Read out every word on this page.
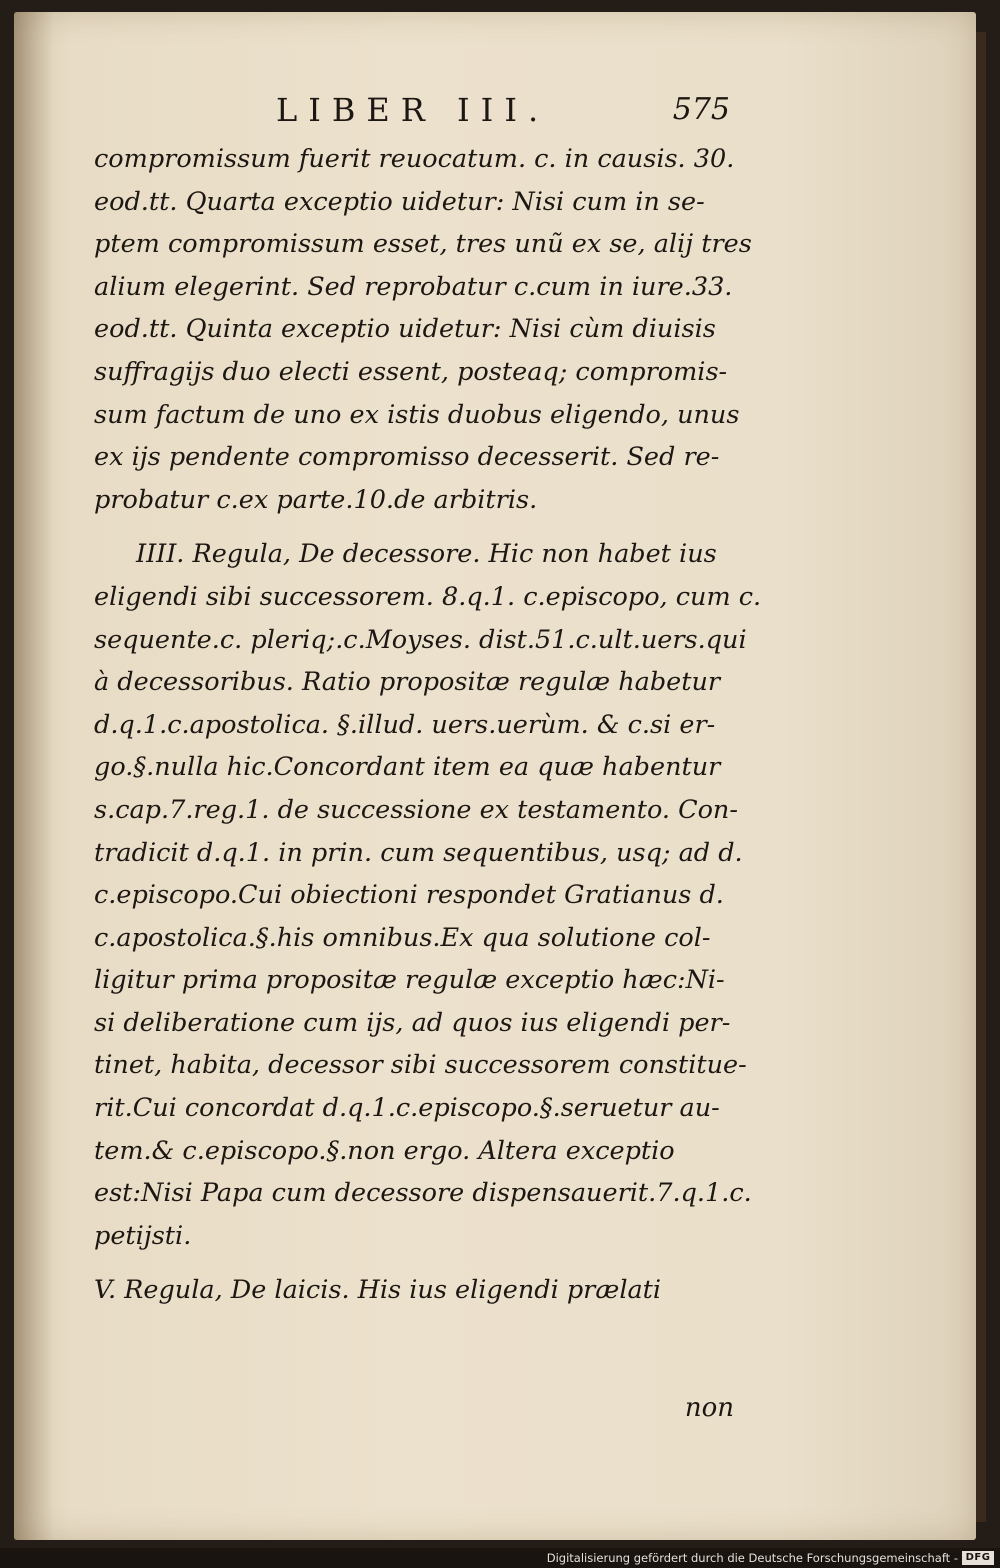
LIBER III.	575
compromissum fuerit reuocatum. c. in causis. 30.
eod.tt. Quarta exceptio uidetur: Nisi cum in se-
ptem compromissum esset, tres unũ ex se, alij tres
alium elegerint. Sed reprobatur c.cum in iure.33.
eod.tt. Quinta exceptio uidetur: Nisi cùm diuisis
suffragijs duo electi essent, posteaq; compromis-
sum factum de uno ex istis duobus eligendo, unus
ex ijs pendente compromisso decesserit. Sed re-
probatur c.ex parte.10.de arbitris.
IIII. Regula, De decessore. Hic non habet ius
eligendi sibi successorem. 8.q.1. c.episcopo, cum c.
sequente.c. pleriq;.c.Moyses. dist.51.c.ult.uers.qui
à decessoribus. Ratio propositæ regulæ habetur
d.q.1.c.apostolica. §.illud. uers.uerùm. & c.si er-
go.§.nulla hic.Concordant item ea quæ habentur
s.cap.7.reg.1. de successione ex testamento. Con-
tradicit d.q.1. in prin. cum sequentibus, usq; ad d.
c.episcopo.Cui obiectioni respondet Gratianus d.
c.apostolica.§.his omnibus.Ex qua solutione col-
ligitur prima propositæ regulæ exceptio hæc:Ni-
si deliberatione cum ijs, ad quos ius eligendi per-
tinet, habita, decessor sibi successorem constitue-
rit.Cui concordat d.q.1.c.episcopo.§.seruetur au-
tem.& c.episcopo.§.non ergo. Altera exceptio
est:Nisi Papa cum decessore dispensauerit.7.q.1.c.
petijsti.
V. Regula, De laicis. His ius eligendi prælati
non
Digitalisierung gefördert durch die Deutsche Forschungsgemeinschaft - DFG
